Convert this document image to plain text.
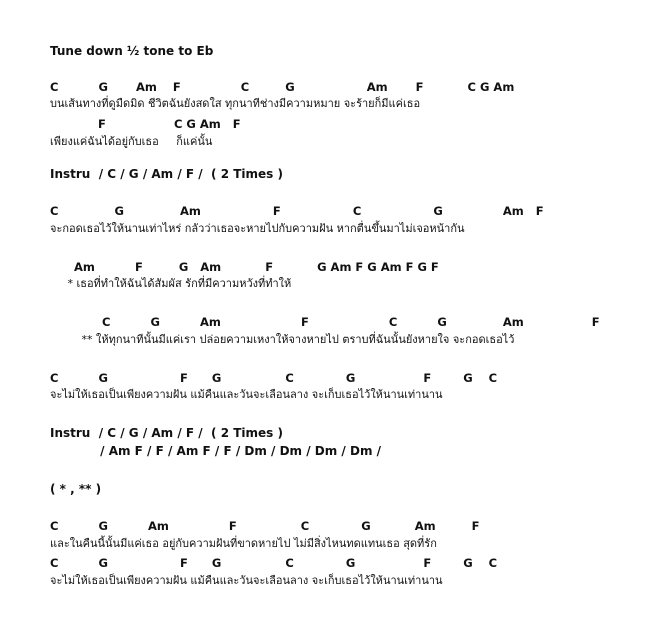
Tune down ½ tone to Eb
C          G       Am    F               C         G                  Am       F           C G Am
บนเส้นทางที่ดูมืดมิด ชีวิตฉันยังสดใส ทุกนาทีช่างมีความหมาย จะร้ายก็มีแค่เธอ
F                 C G Am   F
เพียงแค่ฉันได้อยู่กับเธอ     ก็แค่นั้น
Instru  / C / G / Am / F /  ( 2 Times )
C              G              Am                  F                  C                  G               Am   F
จะกอดเธอไว้ให้นานเท่าไหร่ กลัวว่าเธอจะหายไปกับความฝัน หากตื่นขึ้นมาไม่เจอหน้ากัน
Am          F         G   Am           F           G Am F G Am F G F
* เธอที่ทำให้ฉันได้สัมผัส รักที่มีความหวังที่ทำให้
C          G          Am                    F                    C          G              Am                 F
** ให้ทุกนาทีนั้นมีแค่เรา ปล่อยความเหงาให้จางหายไป ตราบที่ฉันนั้นยังหายใจ จะกอดเธอไว้
C          G                  F      G                C             G                 F        G    C
จะไม่ให้เธอเป็นเพียงความฝัน แม้คืนและวันจะเลือนลาง จะเก็บเธอไว้ให้นานเท่านาน
Instru  / C / G / Am / F /  ( 2 Times )
/ Am F / F / Am F / F / Dm / Dm / Dm / Dm /
( * , ** )
C          G          Am               F                C             G           Am         F
และในคืนนี้นั้นมีแค่เธอ อยู่กับความฝันที่ขาดหายไป ไม่มีสิ่งไหนทดแทนเธอ สุดที่รัก
C          G                  F      G                C             G                 F        G    C
จะไม่ให้เธอเป็นเพียงความฝัน แม้คืนและวันจะเลือนลาง จะเก็บเธอไว้ให้นานเท่านาน
